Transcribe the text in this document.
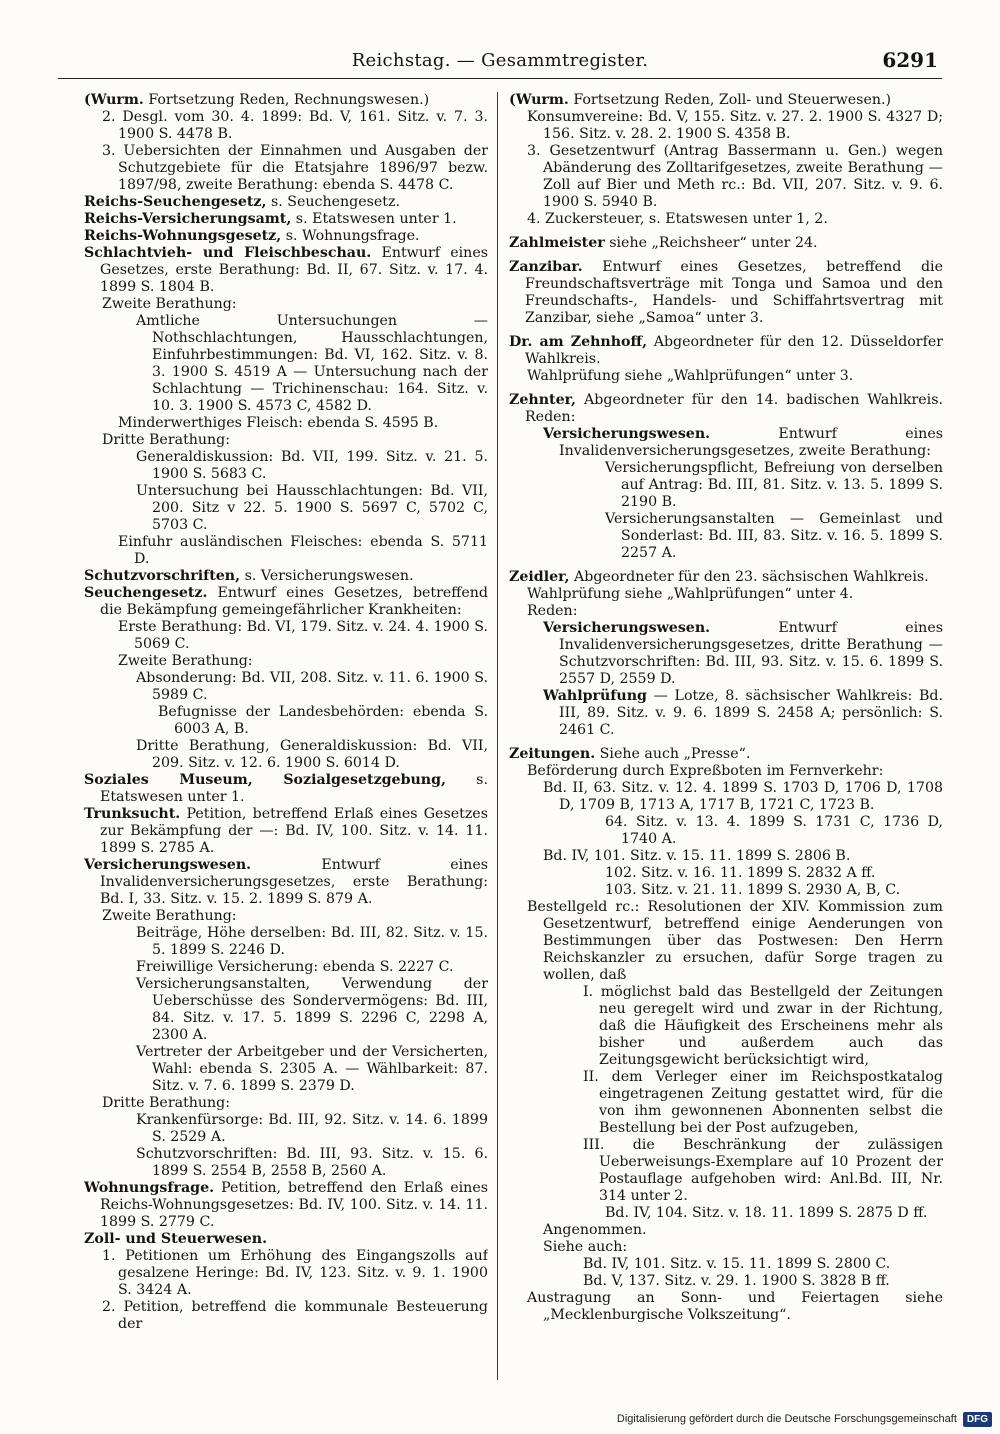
Reichstag. — Gesammtregister.	6291

(Wurm. Fortsetzung Reden, Rechnungswesen.)

2. Desgl. vom 30. 4. 1899: Bd. V, 161. Sitz. v. 7. 3. 1900 S. 4478 B.

3. Uebersichten der Einnahmen und Ausgaben der Schutzgebiete für die Etatsjahre 1896/97 bezw. 1897/98, zweite Berathung: ebenda S. 4478 C.

Reichs-Seuchengesetz, s. Seuchengesetz.

Reichs-Versicherungsamt, s. Etatswesen unter 1.

Reichs-Wohnungsgesetz, s. Wohnungsfrage.

Schlachtvieh- und Fleischbeschau. Entwurf eines Gesetzes, erste Berathung: Bd. II, 67. Sitz. v. 17. 4. 1899 S. 1804 B.

Zweite Berathung:

Amtliche Untersuchungen — Nothschlachtungen, Hausschlachtungen, Einfuhrbestimmungen: Bd. VI, 162. Sitz. v. 8. 3. 1900 S. 4519 A — Untersuchung nach der Schlachtung — Trichinenschau: 164. Sitz. v. 10. 3. 1900 S. 4573 C, 4582 D.

Minderwerthiges Fleisch: ebenda S. 4595 B.

Dritte Berathung:

Generaldiskussion: Bd. VII, 199. Sitz. v. 21. 5. 1900 S. 5683 C.

Untersuchung bei Hausschlachtungen: Bd. VII, 200. Sitz v 22. 5. 1900 S. 5697 C, 5702 C, 5703 C.

Einfuhr ausländischen Fleisches: ebenda S. 5711 D.

Schutzvorschriften, s. Versicherungswesen.

Seuchengesetz. Entwurf eines Gesetzes, betreffend die Bekämpfung gemeingefährlicher Krankheiten:

Erste Berathung: Bd. VI, 179. Sitz. v. 24. 4. 1900 S. 5069 C.

Zweite Berathung:

Absonderung: Bd. VII, 208. Sitz. v. 11. 6. 1900 S. 5989 C.

Befugnisse der Landesbehörden: ebenda S. 6003 A, B.

Dritte Berathung, Generaldiskussion: Bd. VII, 209. Sitz. v. 12. 6. 1900 S. 6014 D.

Soziales Museum, Sozialgesetzgebung, s. Etatswesen unter 1.

Trunksucht. Petition, betreffend Erlaß eines Gesetzes zur Bekämpfung der —: Bd. IV, 100. Sitz. v. 14. 11. 1899 S. 2785 A.

Versicherungswesen. Entwurf eines Invalidenversicherungsgesetzes, erste Berathung: Bd. I, 33. Sitz. v. 15. 2. 1899 S. 879 A.

Zweite Berathung:

Beiträge, Höhe derselben: Bd. III, 82. Sitz. v. 15. 5. 1899 S. 2246 D.

Freiwillige Versicherung: ebenda S. 2227 C.

Versicherungsanstalten, Verwendung der Ueberschüsse des Sondervermögens: Bd. III, 84. Sitz. v. 17. 5. 1899 S. 2296 C, 2298 A, 2300 A.

Vertreter der Arbeitgeber und der Versicherten, Wahl: ebenda S. 2305 A. — Wählbarkeit: 87. Sitz. v. 7. 6. 1899 S. 2379 D.

Dritte Berathung:

Krankenfürsorge: Bd. III, 92. Sitz. v. 14. 6. 1899 S. 2529 A.

Schutzvorschriften: Bd. III, 93. Sitz. v. 15. 6. 1899 S. 2554 B, 2558 B, 2560 A.

Wohnungsfrage. Petition, betreffend den Erlaß eines Reichs-Wohnungsgesetzes: Bd. IV, 100. Sitz. v. 14. 11. 1899 S. 2779 C.

Zoll- und Steuerwesen.

1. Petitionen um Erhöhung des Eingangszolls auf gesalzene Heringe: Bd. IV, 123. Sitz. v. 9. 1. 1900 S. 3424 A.

2. Petition, betreffend die kommunale Besteuerung der

(Wurm. Fortsetzung Reden, Zoll- und Steuerwesen.)

Konsumvereine: Bd. V, 155. Sitz. v. 27. 2. 1900 S. 4327 D; 156. Sitz. v. 28. 2. 1900 S. 4358 B.

3. Gesetzentwurf (Antrag Bassermann u. Gen.) wegen Abänderung des Zolltarifgesetzes, zweite Berathung — Zoll auf Bier und Meth rc.: Bd. VII, 207. Sitz. v. 9. 6. 1900 S. 5940 B.

4. Zuckersteuer, s. Etatswesen unter 1, 2.

Zahlmeister siehe „Reichsheer“ unter 24.

Zanzibar. Entwurf eines Gesetzes, betreffend die Freundschaftsverträge mit Tonga und Samoa und den Freundschafts-, Handels- und Schiffahrtsvertrag mit Zanzibar, siehe „Samoa“ unter 3.

Dr. am Zehnhoff, Abgeordneter für den 12. Düsseldorfer Wahlkreis.

Wahlprüfung siehe „Wahlprüfungen“ unter 3.

Zehnter, Abgeordneter für den 14. badischen Wahlkreis. Reden:

Versicherungswesen. Entwurf eines Invalidenversicherungsgesetzes, zweite Berathung:

Versicherungspflicht, Befreiung von derselben auf Antrag: Bd. III, 81. Sitz. v. 13. 5. 1899 S. 2190 B.

Versicherungsanstalten — Gemeinlast und Sonderlast: Bd. III, 83. Sitz. v. 16. 5. 1899 S. 2257 A.

Zeidler, Abgeordneter für den 23. sächsischen Wahlkreis.

Wahlprüfung siehe „Wahlprüfungen“ unter 4.

Reden:

Versicherungswesen. Entwurf eines Invalidenversicherungsgesetzes, dritte Berathung — Schutzvorschriften: Bd. III, 93. Sitz. v. 15. 6. 1899 S. 2557 D, 2559 D.

Wahlprüfung — Lotze, 8. sächsischer Wahlkreis: Bd. III, 89. Sitz. v. 9. 6. 1899 S. 2458 A; persönlich: S. 2461 C.

Zeitungen. Siehe auch „Presse“.

Beförderung durch Expreßboten im Fernverkehr:

Bd. II, 63. Sitz. v. 12. 4. 1899 S. 1703 D, 1706 D, 1708 D, 1709 B, 1713 A, 1717 B, 1721 C, 1723 B.

64. Sitz. v. 13. 4. 1899 S. 1731 C, 1736 D, 1740 A.

Bd. IV, 101. Sitz. v. 15. 11. 1899 S. 2806 B.

102. Sitz. v. 16. 11. 1899 S. 2832 A ff.

103. Sitz. v. 21. 11. 1899 S. 2930 A, B, C.

Bestellgeld rc.: Resolutionen der XIV. Kommission zum Gesetzentwurf, betreffend einige Aenderungen von Bestimmungen über das Postwesen: Den Herrn Reichskanzler zu ersuchen, dafür Sorge tragen zu wollen, daß

I. möglichst bald das Bestellgeld der Zeitungen neu geregelt wird und zwar in der Richtung, daß die Häufigkeit des Erscheinens mehr als bisher und außerdem auch das Zeitungsgewicht berücksichtigt wird,

II. dem Verleger einer im Reichspostkatalog eingetragenen Zeitung gestattet wird, für die von ihm gewonnenen Abonnenten selbst die Bestellung bei der Post aufzugeben,

III. die Beschränkung der zulässigen Ueberweisungs-Exemplare auf 10 Prozent der Postauflage aufgehoben wird: Anl.Bd. III, Nr. 314 unter 2.

Bd. IV, 104. Sitz. v. 18. 11. 1899 S. 2875 D ff.

Angenommen.

Siehe auch:

Bd. IV, 101. Sitz. v. 15. 11. 1899 S. 2800 C.

Bd. V, 137. Sitz. v. 29. 1. 1900 S. 3828 B ff.

Austragung an Sonn- und Feiertagen siehe „Mecklenburgische Volkszeitung“.

Digitalisierung gefördert durch die Deutsche Forschungsgemeinschaft	DFG
